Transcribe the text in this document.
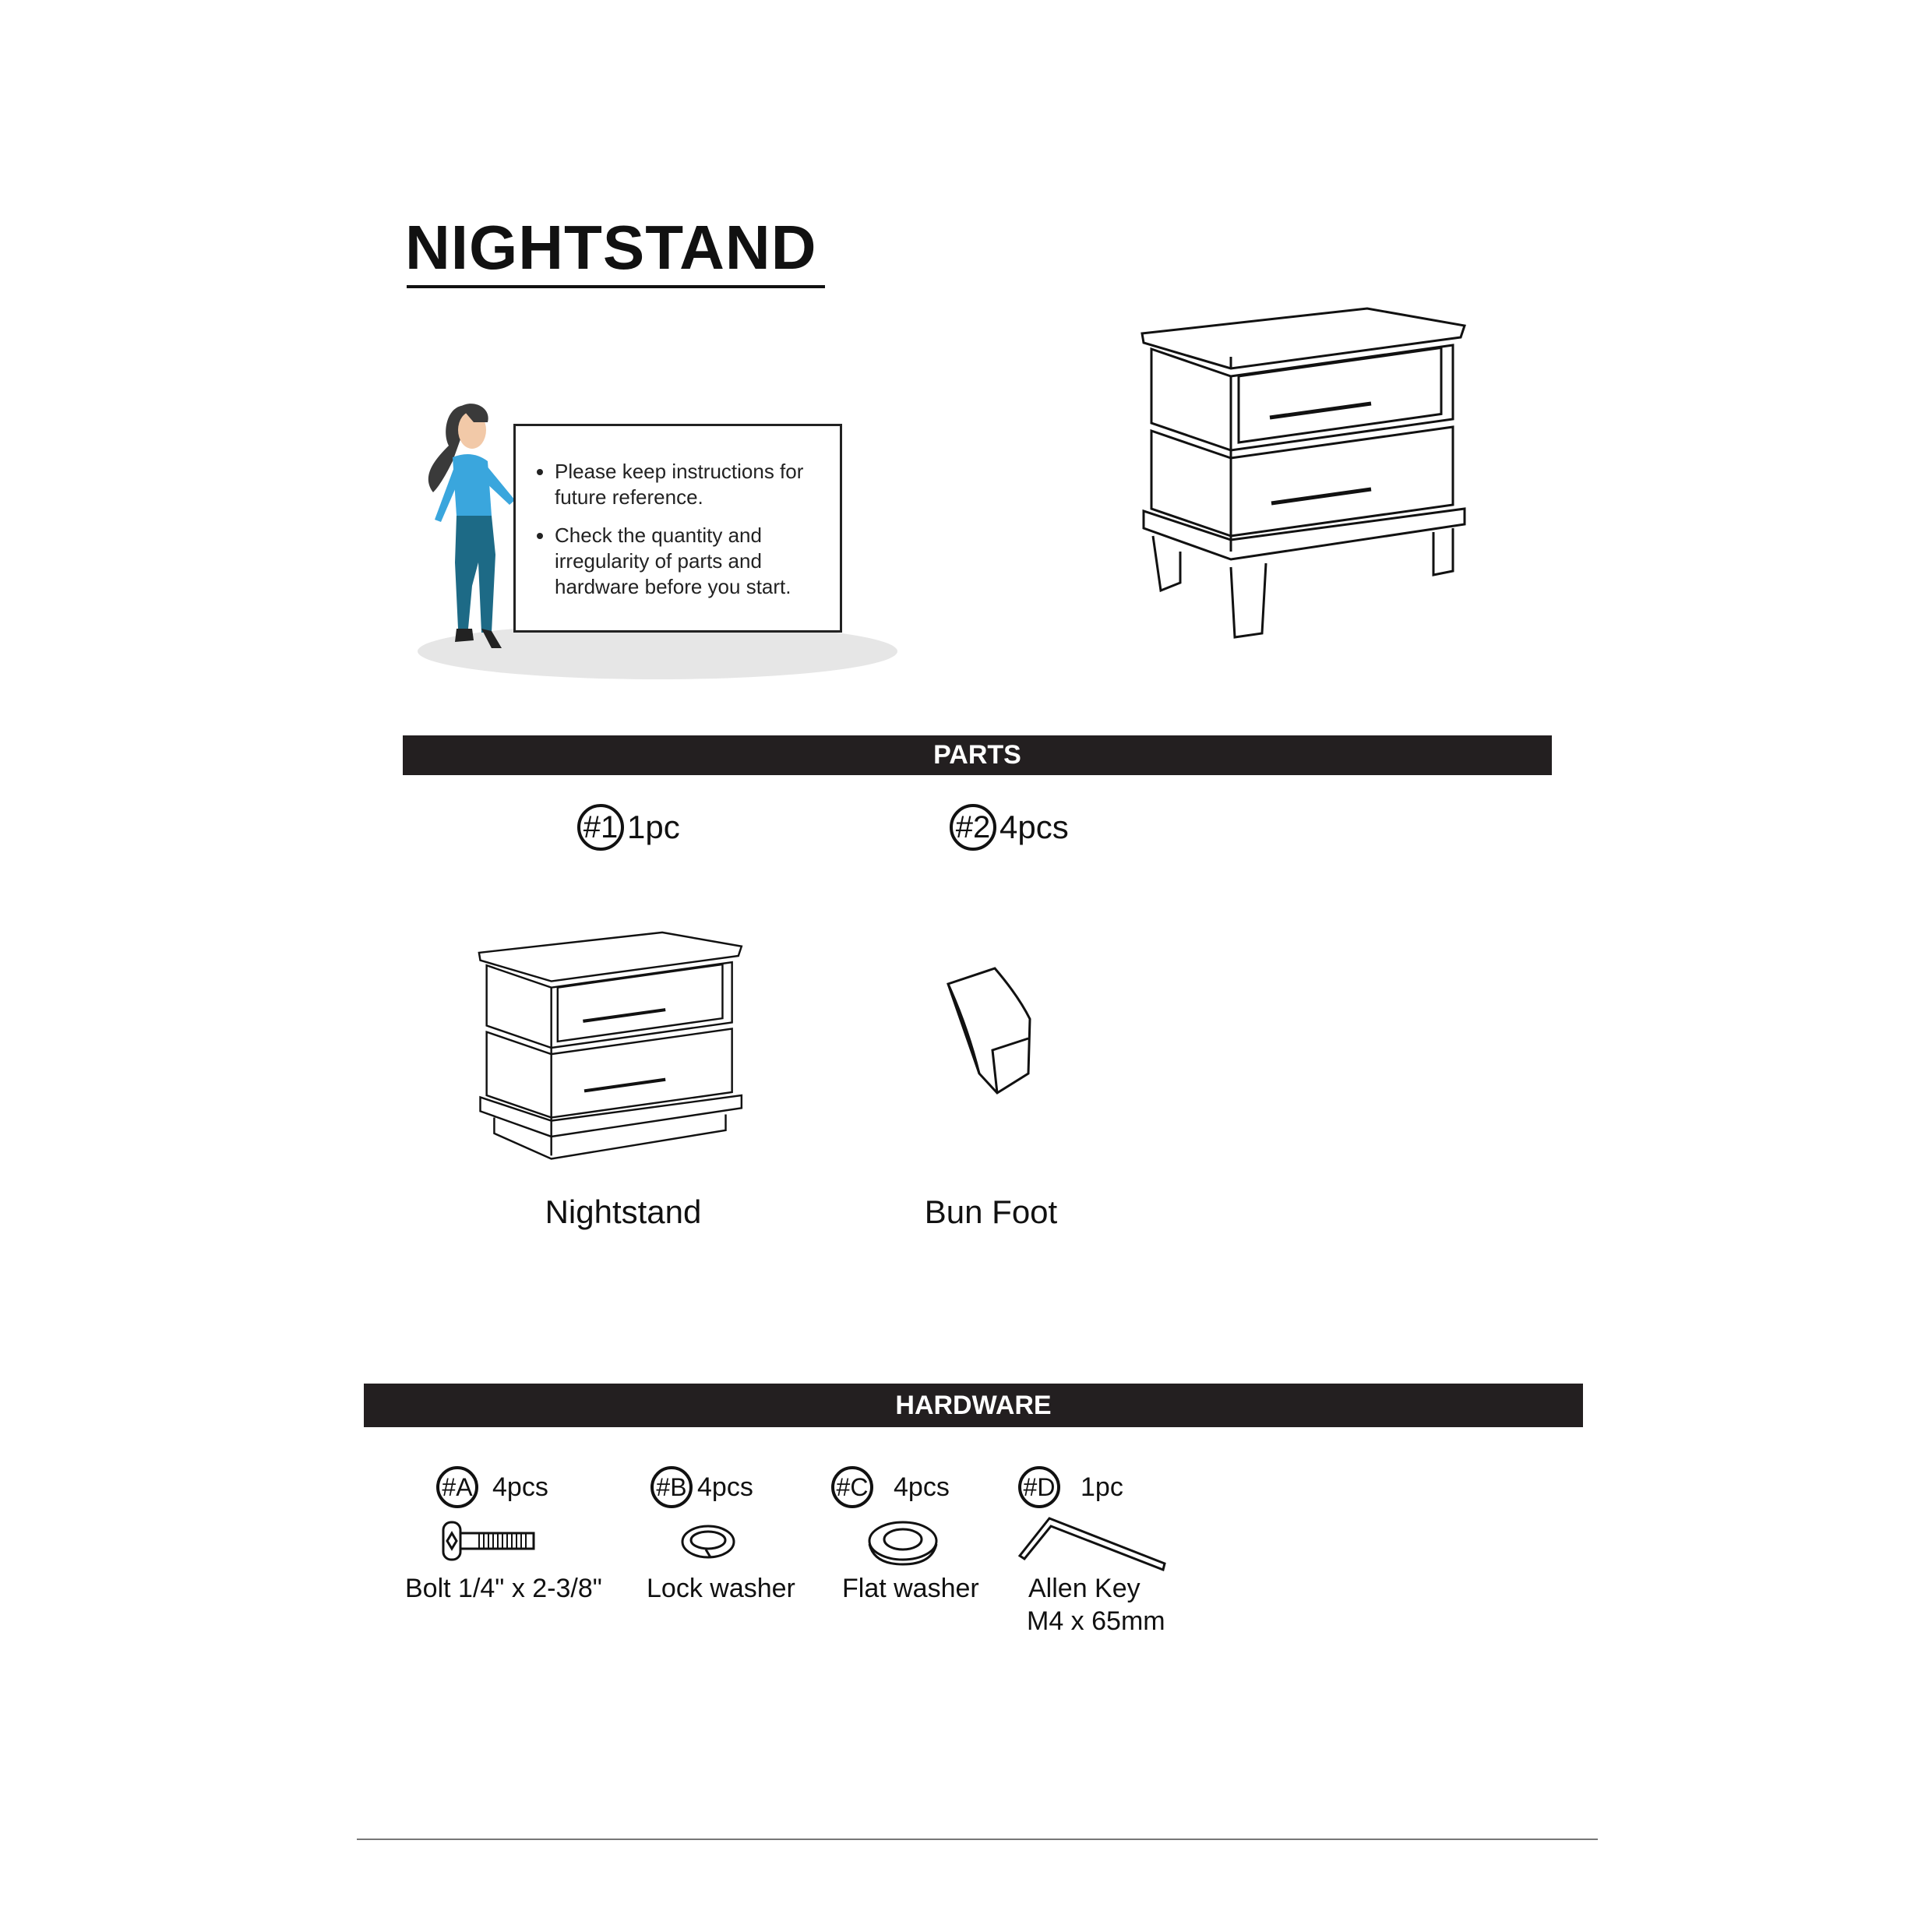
NIGHTSTAND
• Please keep instructions for future reference.
• Check the quantity and irregularity of parts and hardware before you start.
PARTS
#1 1pc	#2 4pcs
Nightstand	Bun Foot
HARDWARE
#A 4pcs	#B 4pcs	#C 4pcs	#D 1pc
Bolt 1/4" x 2-3/8" Lock washer Flat washer Allen Key
M4 x 65mm
